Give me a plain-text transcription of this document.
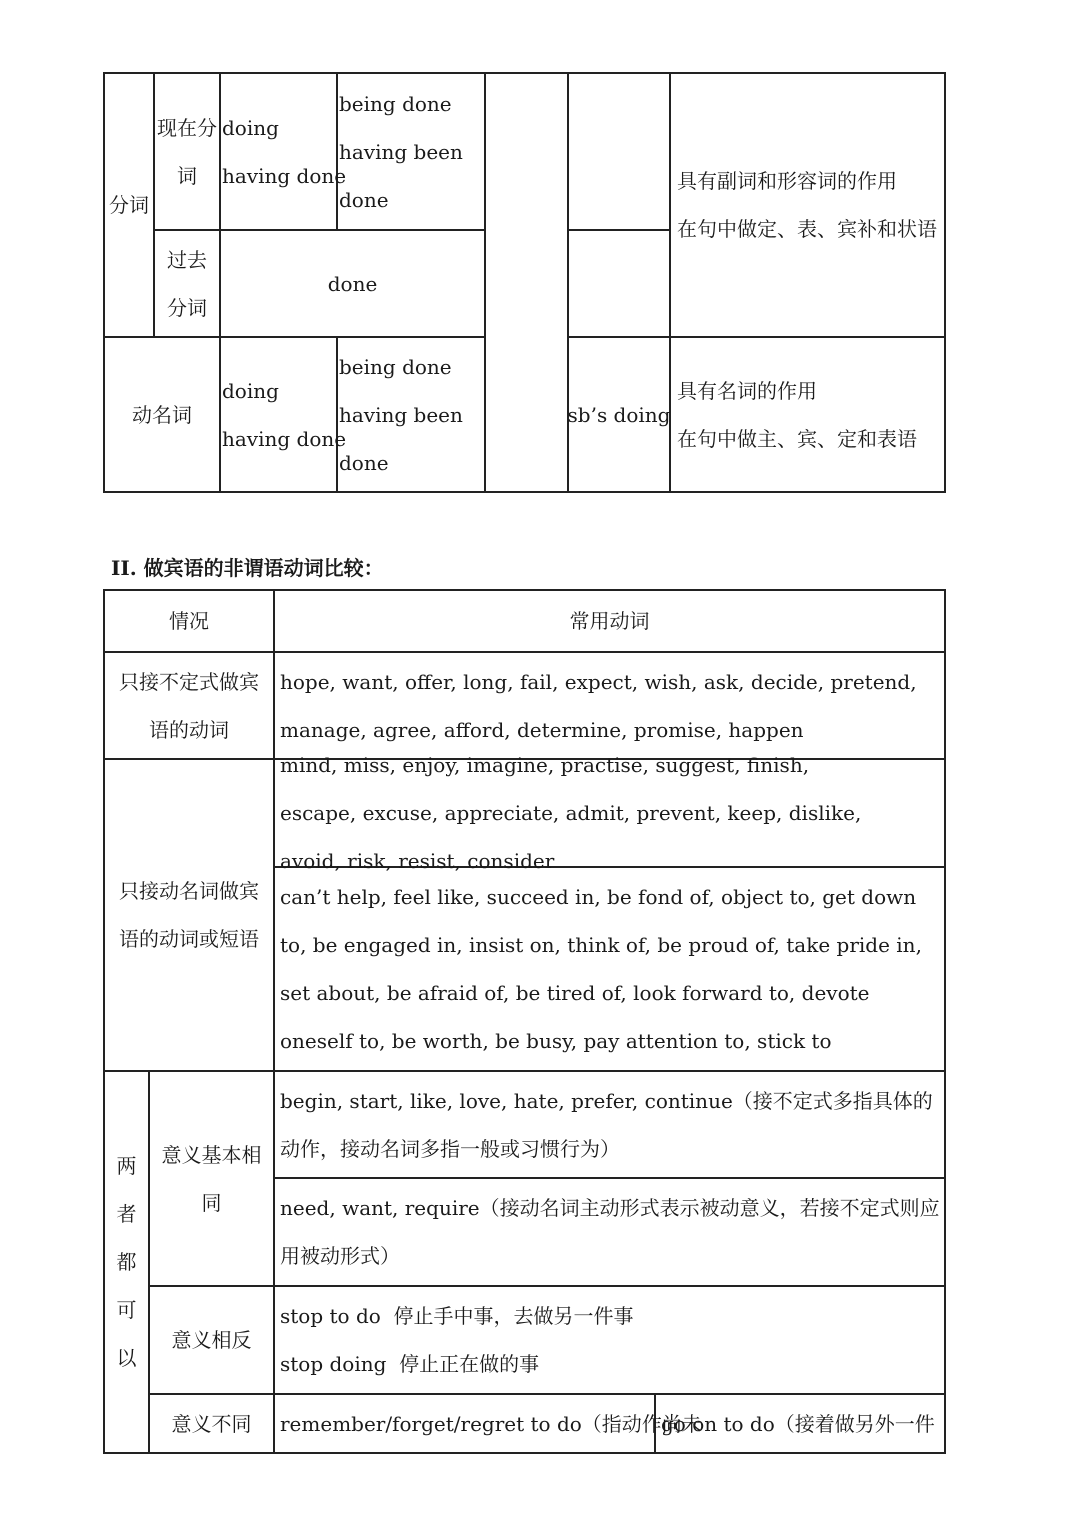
分词
现在分词
doing
having done
being done
having been
done
过去分词
done
具有副词和形容词的作用
在句中做定、表、宾补和状语
动名词
doing
having done
being done
having been
done
sb’s doing
具有名词的作用
在句中做主、宾、定和表语
II. 做宾语的非谓语动词比较：
情况	常用动词
只接不定式做宾语的动词
hope, want, offer, long, fail, expect, wish, ask, decide, pretend, manage, agree, afford, determine, promise, happen
只接动名词做宾语的动词或短语
mind, miss, enjoy, imagine, practise, suggest, finish, escape, excuse, appreciate, admit, prevent, keep, dislike, avoid, risk, resist, consider
can’t help, feel like, succeed in, be fond of, object to, get down to, be engaged in, insist on, think of, be proud of, take pride in, set about, be afraid of, be tired of, look forward to, devote oneself to, be worth, be busy, pay attention to, stick to
两者都可以
意义基本相同
begin, start, like, love, hate, prefer, continue（接不定式多指具体的动作，接动名词多指一般或习惯行为）
need, want, require（接动名词主动形式表示被动意义，若接不定式则应用被动形式）
意义相反
stop to do  停止手中事，去做另一件事
stop doing  停止正在做的事
意义不同 remember/forget/regret to do（指动作尚未
go on to do（接着做另外一件
